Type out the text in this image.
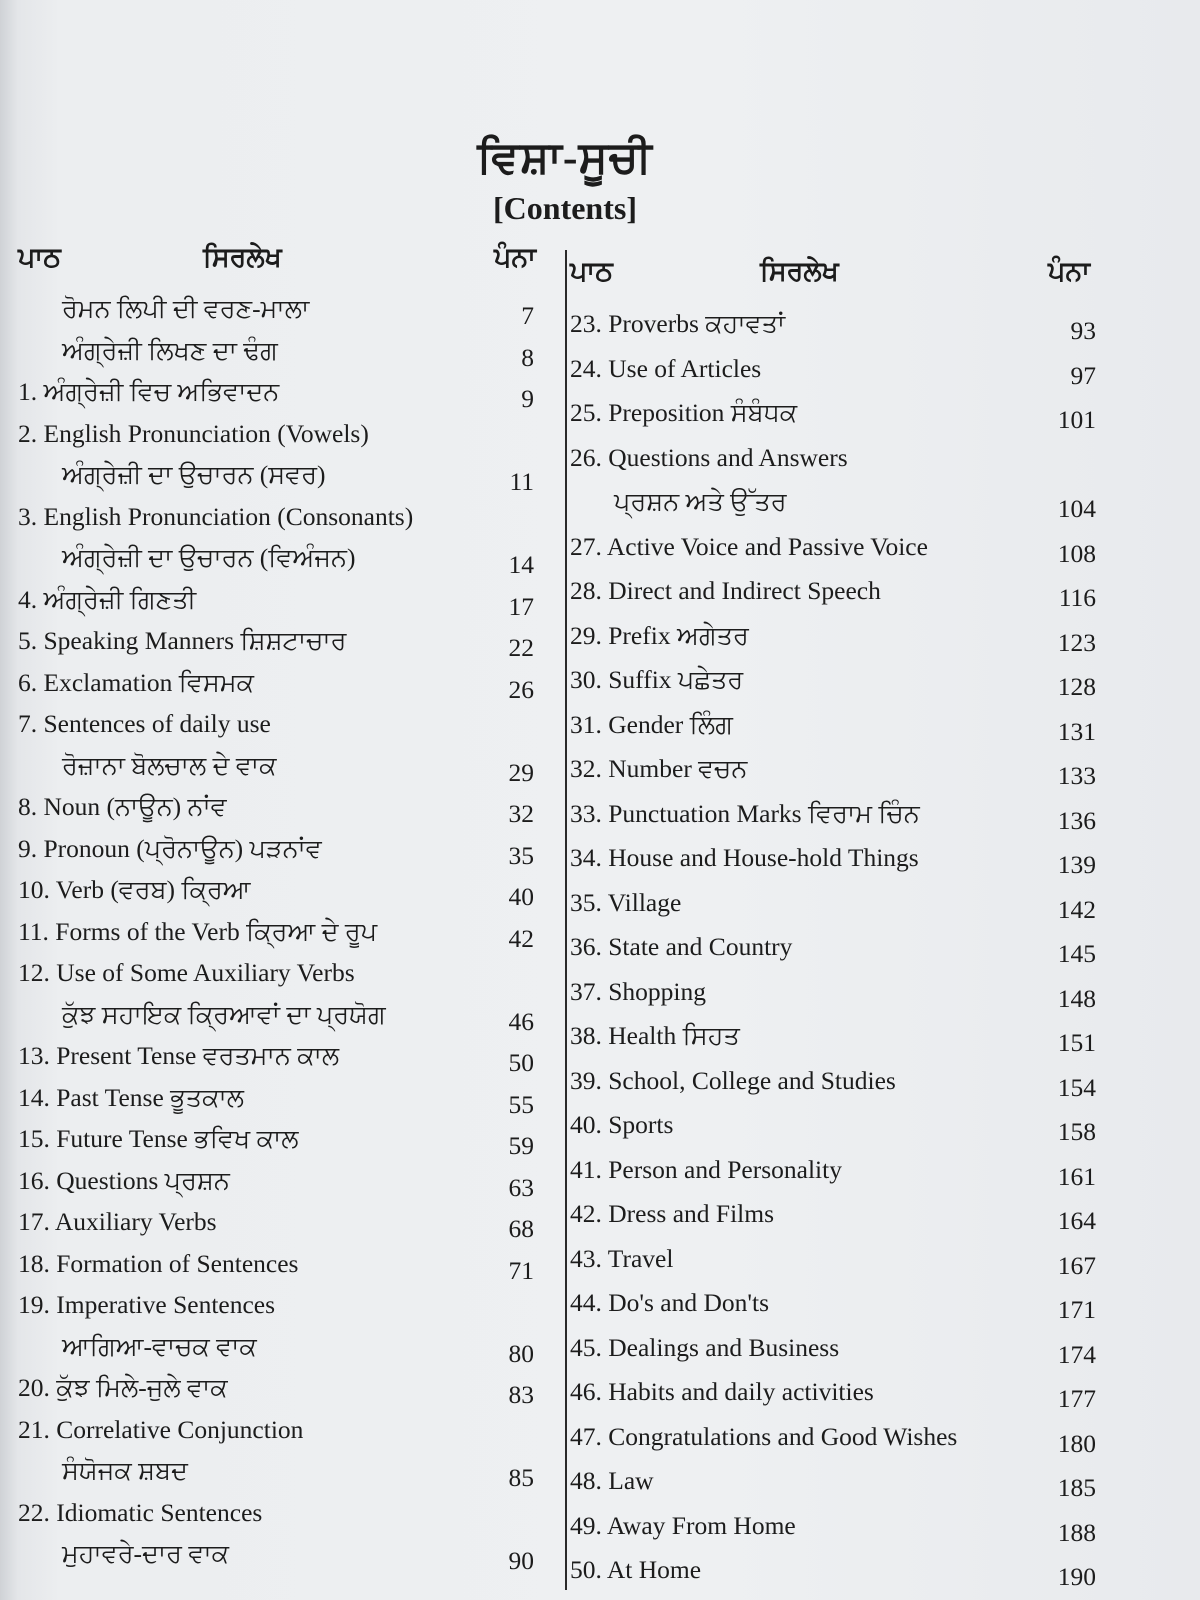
ਵਿਸ਼ਾ-ਸੂਚੀ
[Contents]
ਪਾਠ	ਸਿਰਲੇਖ	ਪੰਨਾ
ਰੋਮਨ ਲਿਪੀ ਦੀ ਵਰਣ-ਮਾਲਾ	7
ਅੰਗ੍ਰੇਜ਼ੀ ਲਿਖਣ ਦਾ ਢੰਗ	8
1. ਅੰਗ੍ਰੇਜ਼ੀ ਵਿਚ ਅਭਿਵਾਦਨ	9
2. English Pronunciation (Vowels)
ਅੰਗ੍ਰੇਜ਼ੀ ਦਾ ਉਚਾਰਨ (ਸਵਰ)	11
3. English Pronunciation (Consonants)
ਅੰਗ੍ਰੇਜ਼ੀ ਦਾ ਉਚਾਰਨ (ਵਿਅੰਜਨ)	14
4. ਅੰਗ੍ਰੇਜ਼ੀ ਗਿਣਤੀ	17
5. Speaking Manners ਸ਼ਿਸ਼ਟਾਚਾਰ	22
6. Exclamation ਵਿਸਮਕ	26
7. Sentences of daily use
ਰੋਜ਼ਾਨਾ ਬੋਲਚਾਲ ਦੇ ਵਾਕ	29
8. Noun (ਨਾਊਨ) ਨਾਂਵ	32
9. Pronoun (ਪ੍ਰੋਨਾਊਨ) ਪੜਨਾਂਵ	35
10. Verb (ਵਰਬ) ਕ੍ਰਿਆ	40
11. Forms of the Verb ਕ੍ਰਿਆ ਦੇ ਰੂਪ	42
12. Use of Some Auxiliary Verbs
ਕੁੱਝ ਸਹਾਇਕ ਕ੍ਰਿਆਵਾਂ ਦਾ ਪ੍ਰਯੋਗ	46
13. Present Tense ਵਰਤਮਾਨ ਕਾਲ	50
14. Past Tense ਭੂਤਕਾਲ	55
15. Future Tense ਭਵਿਖ ਕਾਲ	59
16. Questions ਪ੍ਰਸ਼ਨ	63
17. Auxiliary Verbs	68
18. Formation of Sentences	71
19. Imperative Sentences
ਆਗਿਆ-ਵਾਚਕ ਵਾਕ	80
20. ਕੁੱਝ ਮਿਲੇ-ਜੁਲੇ ਵਾਕ	83
21. Correlative Conjunction
ਸੰਯੋਜਕ ਸ਼ਬਦ	85
22. Idiomatic Sentences
ਮੁਹਾਵਰੇ-ਦਾਰ ਵਾਕ	90
ਪਾਠ	ਸਿਰਲੇਖ	ਪੰਨਾ
23. Proverbs ਕਹਾਵਤਾਂ	93
24. Use of Articles	97
25. Preposition ਸੰਬੰਧਕ	101
26. Questions and Answers
ਪ੍ਰਸ਼ਨ ਅਤੇ ਉੱਤਰ	104
27. Active Voice and Passive Voice	108
28. Direct and Indirect Speech	116
29. Prefix ਅਗੇਤਰ	123
30. Suffix ਪਛੇਤਰ	128
31. Gender ਲਿੰਗ	131
32. Number ਵਚਨ	133
33. Punctuation Marks ਵਿਰਾਮ ਚਿੰਨ	136
34. House and House-hold Things	139
35. Village	142
36. State and Country	145
37. Shopping	148
38. Health ਸਿਹਤ	151
39. School, College and Studies	154
40. Sports	158
41. Person and Personality	161
42. Dress and Films	164
43. Travel	167
44. Do's and Don'ts	171
45. Dealings and Business	174
46. Habits and daily activities	177
47. Congratulations and Good Wishes	180
48. Law	185
49. Away From Home	188
50. At Home	190
